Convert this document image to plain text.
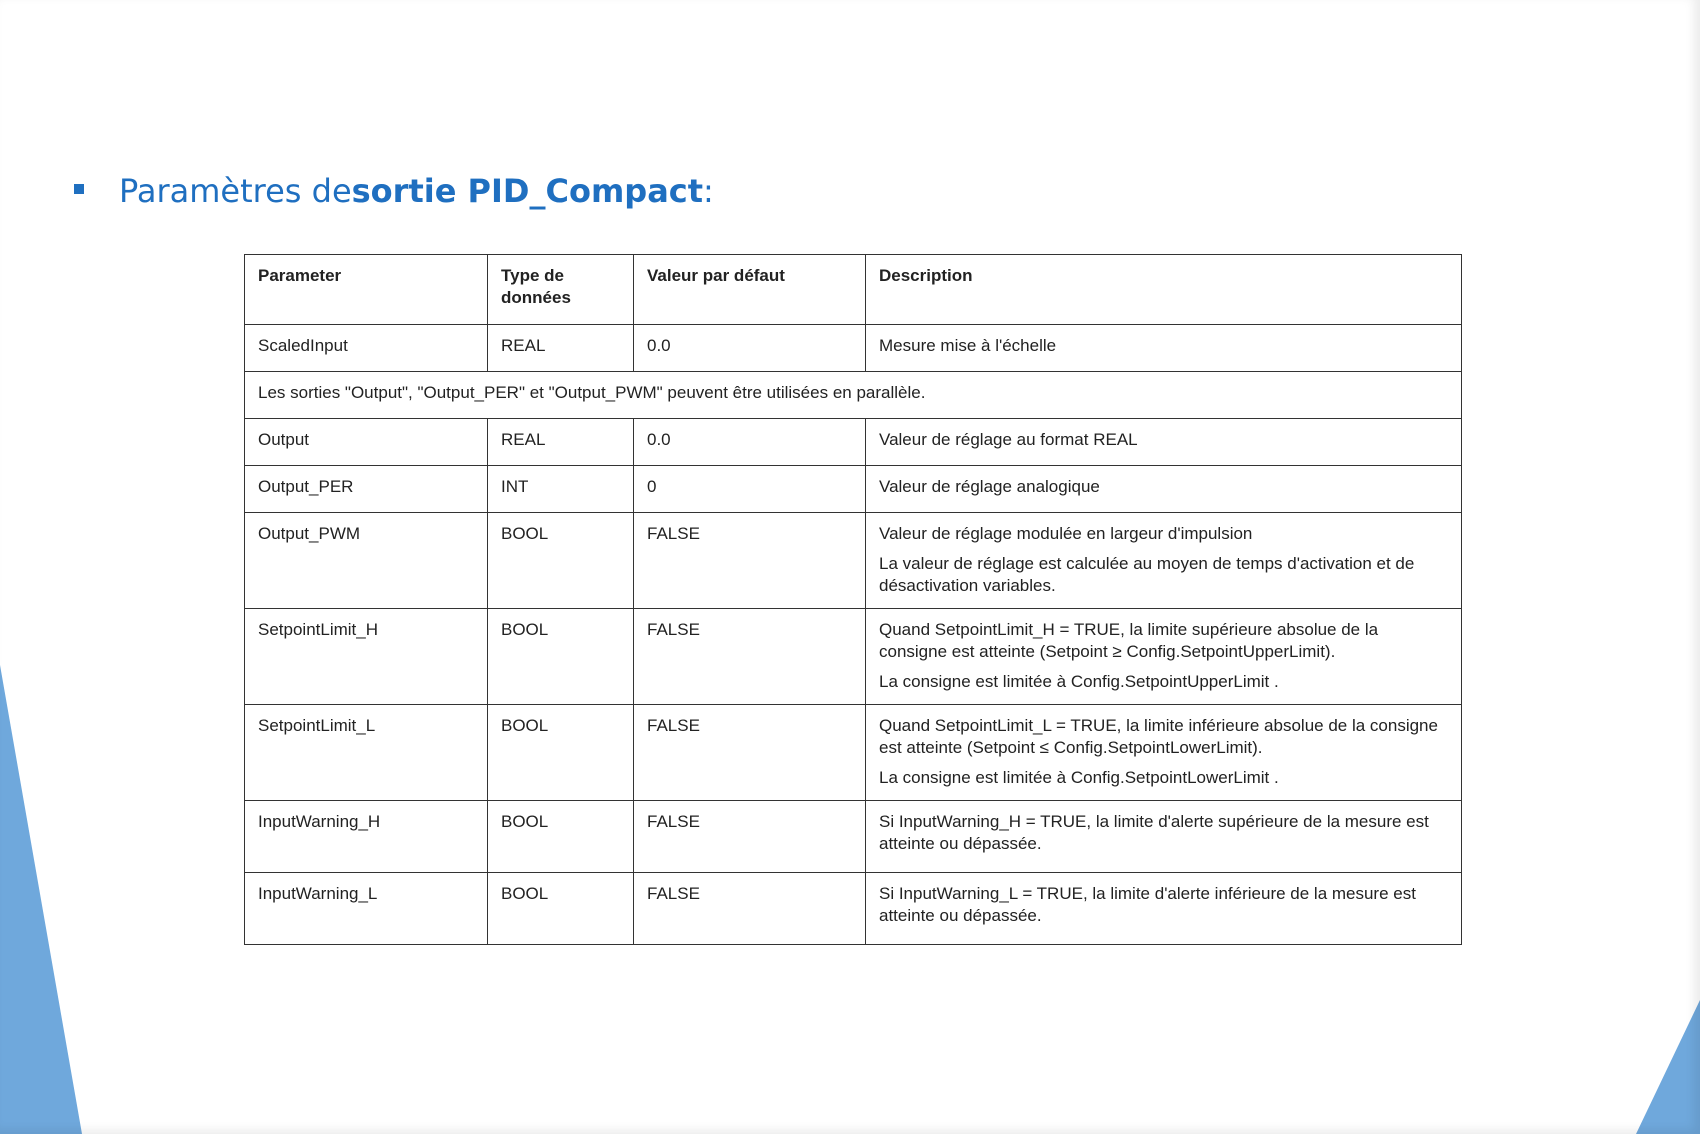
Paramètres de sortie PID_Compact :
Parameter	Type de données	Valeur par défaut	Description
ScaledInput	REAL	0.0	Mesure mise à l'échelle

Les sorties "Output", "Output_PER" et "Output_PWM" peuvent être utilisées en parallèle.			
Output	REAL	0.0	Valeur de réglage au format REAL

Output_PER	INT	0	Valeur de réglage analogique

Output_PWM	BOOL	FALSE	Valeur de réglage modulée en largeur d'impulsion
La valeur de réglage est calculée au moyen de temps d'activation et de désactivation variables.

SetpointLimit_H	BOOL	FALSE	Quand SetpointLimit_H = TRUE, la limite supérieure absolue de la consigne est atteinte (Setpoint ≥ Config.SetpointUpperLimit).
La consigne est limitée à Config.SetpointUpperLimit .

SetpointLimit_L	BOOL	FALSE	Quand SetpointLimit_L = TRUE, la limite inférieure absolue de la consigne est atteinte (Setpoint ≤ Config.SetpointLowerLimit).
La consigne est limitée à Config.SetpointLowerLimit .

InputWarning_H	BOOL	FALSE	Si InputWarning_H = TRUE, la limite d'alerte supérieure de la mesure est atteinte ou dépassée.

InputWarning_L	BOOL	FALSE	Si InputWarning_L = TRUE, la limite d'alerte inférieure de la mesure est atteinte ou dépassée.
